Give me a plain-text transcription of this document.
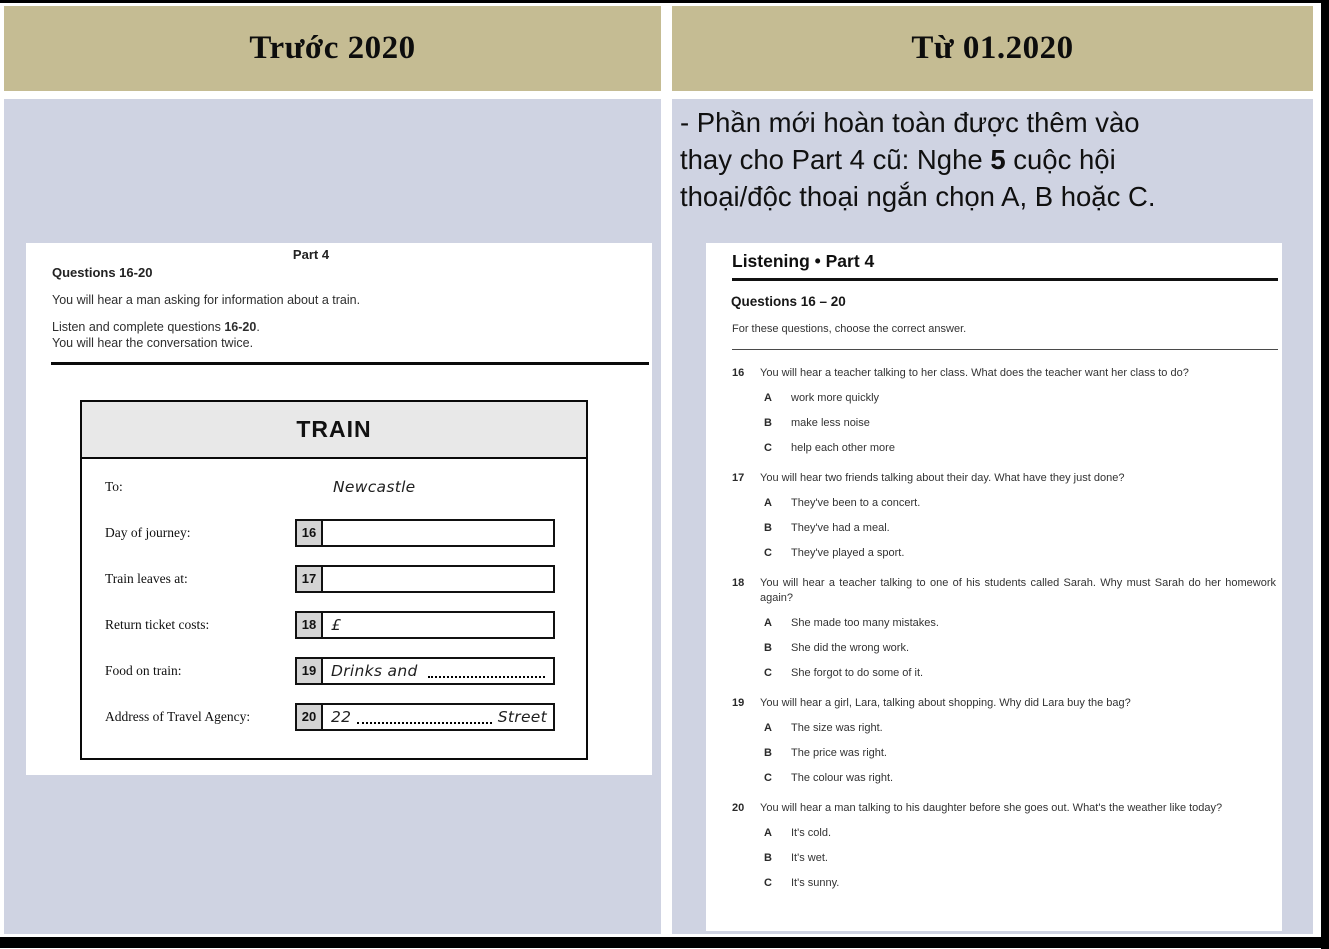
Trước 2020	Từ 01.2020
Part 4
Questions 16-20
You will hear a man asking for information about a train.
Listen and complete questions 16-20.
You will hear the conversation twice.
TRAIN
To:	Newcastle
Day of journey:	16
Train leaves at:	17
Return ticket costs:	18 £
Food on train:	19 Drinks and
Address of Travel Agency:	20 22	Street
- Phần mới hoàn toàn được thêm vào
thay cho Part 4 cũ: Nghe 5 cuộc hội
thoại/độc thoại ngắn chọn A, B hoặc C.
Listening • Part 4
Questions 16 – 20
For these questions, choose the correct answer.
16	You will hear a teacher talking to her class. What does the teacher want her class to do?
A	work more quickly
B	make less noise
C	help each other more
17	You will hear two friends talking about their day. What have they just done?
A	They've been to a concert.
B	They've had a meal.
C	They've played a sport.
18	You will hear a teacher talking to one of his students called Sarah. Why must Sarah do her homework again?
A	She made too many mistakes.
B	She did the wrong work.
C	She forgot to do some of it.
19	You will hear a girl, Lara, talking about shopping. Why did Lara buy the bag?
A	The size was right.
B	The price was right.
C	The colour was right.
20	You will hear a man talking to his daughter before she goes out. What's the weather like today?
A	It's cold.
B	It's wet.
C	It's sunny.
